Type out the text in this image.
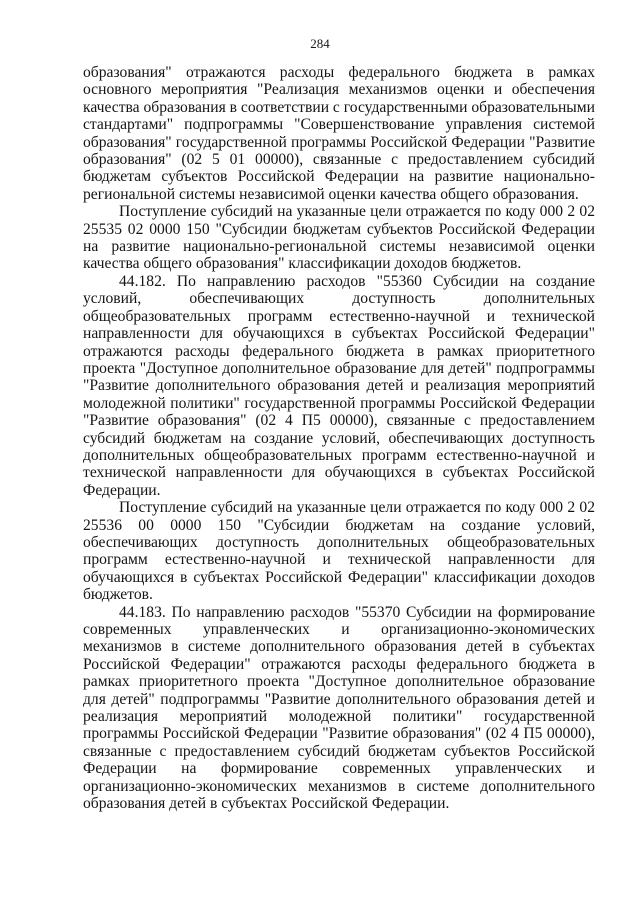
284

образования" отражаются расходы федерального бюджета в рамках основного мероприятия "Реализация механизмов оценки и обеспечения качества образования в соответствии с государственными образовательными стандартами" подпрограммы "Совершенствование управления системой образования" государственной программы Российской Федерации "Развитие образования" (02 5 01 00000), связанные с предоставлением субсидий бюджетам субъектов Российской Федерации на развитие национально-региональной системы независимой оценки качества общего образования.

Поступление субсидий на указанные цели отражается по коду 000 2 02 25535 02 0000 150 "Субсидии бюджетам субъектов Российской Федерации на развитие национально-региональной системы независимой оценки качества общего образования" классификации доходов бюджетов.

44.182. По направлению расходов "55360 Субсидии на создание условий, обеспечивающих доступность дополнительных общеобразовательных программ естественно-научной и технической направленности для обучающихся в субъектах Российской Федерации" отражаются расходы федерального бюджета в рамках приоритетного проекта "Доступное дополнительное образование для детей" подпрограммы "Развитие дополнительного образования детей и реализация мероприятий молодежной политики" государственной программы Российской Федерации "Развитие образования" (02 4 П5 00000), связанные с предоставлением субсидий бюджетам на создание условий, обеспечивающих доступность дополнительных общеобразовательных программ естественно-научной и технической направленности для обучающихся в субъектах Российской Федерации.

Поступление субсидий на указанные цели отражается по коду 000 2 02 25536 00 0000 150 "Субсидии бюджетам на создание условий, обеспечивающих доступность дополнительных общеобразовательных программ естественно-научной и технической направленности для обучающихся в субъектах Российской Федерации" классификации доходов бюджетов.

44.183. По направлению расходов "55370 Субсидии на формирование современных управленческих и организационно-экономических механизмов в системе дополнительного образования детей в субъектах Российской Федерации" отражаются расходы федерального бюджета в рамках приоритетного проекта "Доступное дополнительное образование для детей" подпрограммы "Развитие дополнительного образования детей и реализация мероприятий молодежной политики" государственной программы Российской Федерации "Развитие образования" (02 4 П5 00000), связанные с предоставлением субсидий бюджетам субъектов Российской Федерации на формирование современных управленческих и организационно-экономических механизмов в системе дополнительного образования детей в субъектах Российской Федерации.
